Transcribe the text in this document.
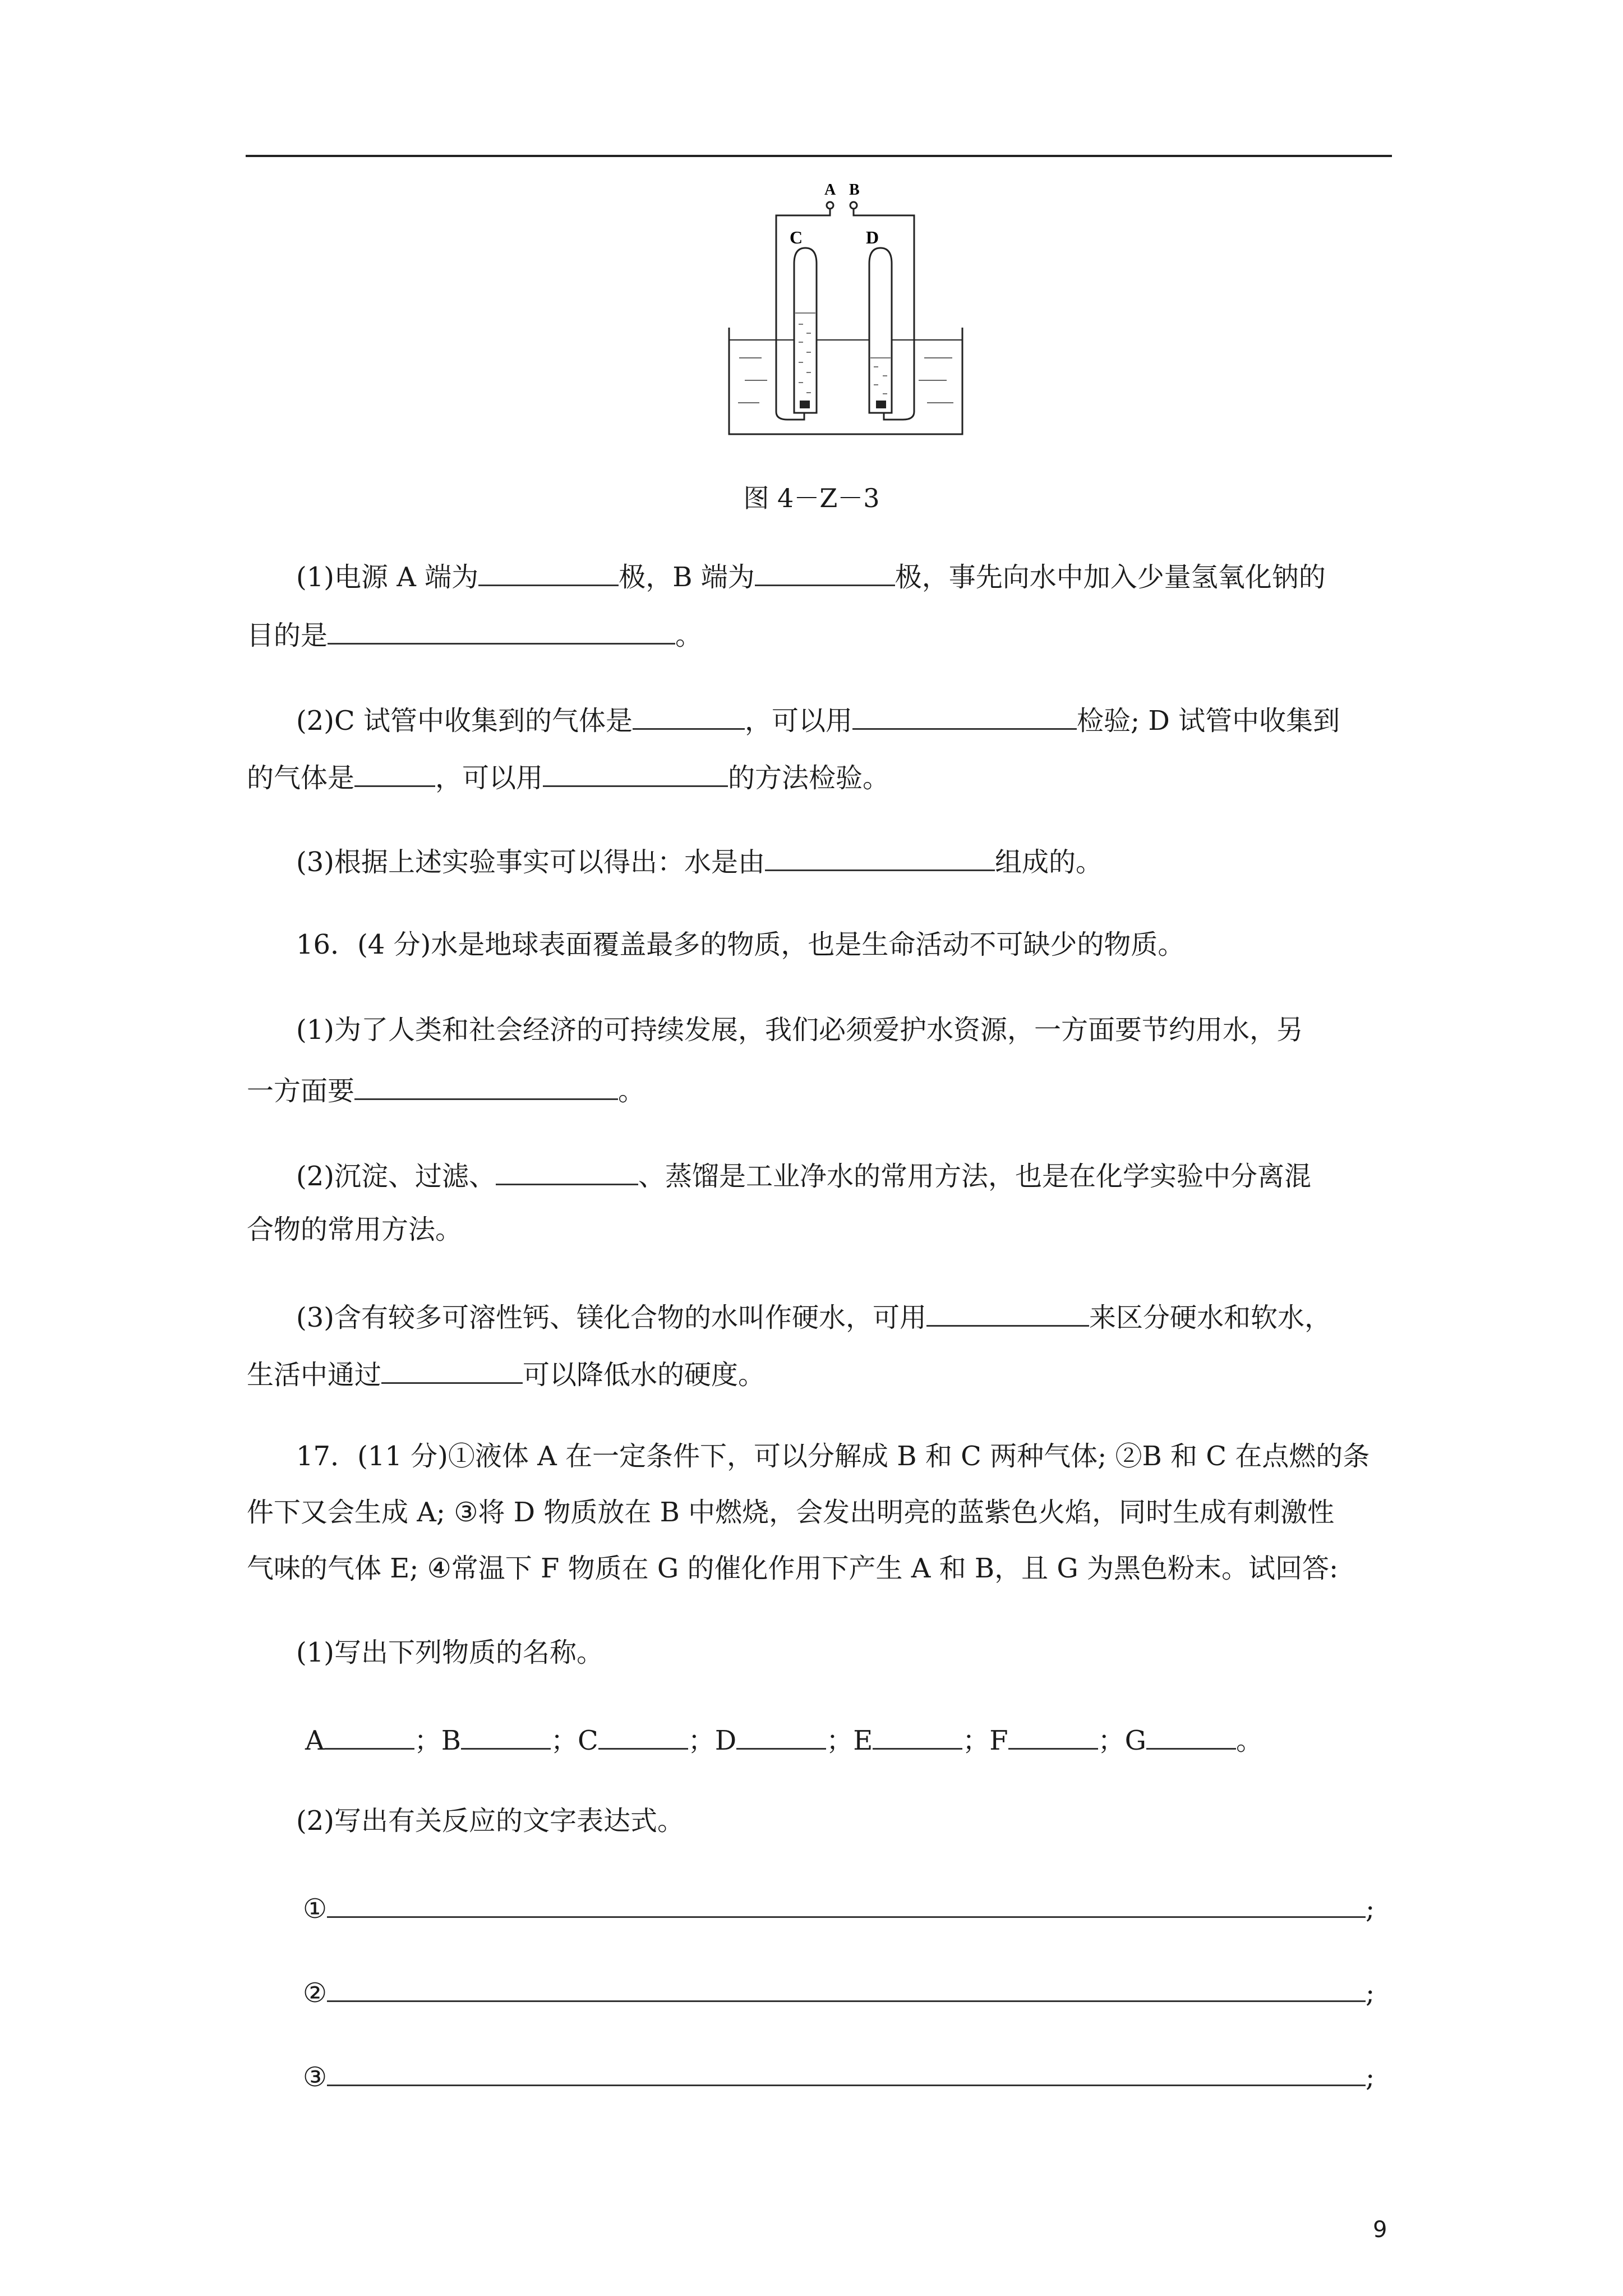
A B
C	D
图 4－Z－3
(1)电源 A 端为	极，B 端为	极，事先向水中加入少量氢氧化钠的
目的是	。
(2)C 试管中收集到的气体是	，可以用	检验; D 试管中收集到
的气体是	，可以用	的方法检验。
(3)根据上述实验事实可以得出：水是由	组成的。
16．(4 分)水是地球表面覆盖最多的物质，也是生命活动不可缺少的物质。
(1)为了人类和社会经济的可持续发展，我们必须爱护水资源，一方面要节约用水，另
一方面要	。
(2)沉淀、过滤、	、蒸馏是工业净水的常用方法，也是在化学实验中分离混
合物的常用方法。
(3)含有较多可溶性钙、镁化合物的水叫作硬水，可用	来区分硬水和软水，
生活中通过	可以降低水的硬度。
17．(11 分)①液体 A 在一定条件下，可以分解成 B 和 C 两种气体; ②B 和 C 在点燃的条
件下又会生成 A; ③将 D 物质放在 B 中燃烧，会发出明亮的蓝紫色火焰，同时生成有刺激性
气味的气体 E; ④常温下 F 物质在 G 的催化作用下产生 A 和 B，且 G 为黑色粉末。试回答:
(1)写出下列物质的名称。
A	；B	；C	；D	；E	；F	；G	。
(2)写出有关反应的文字表达式。
①	;
②	;
③	;
9
